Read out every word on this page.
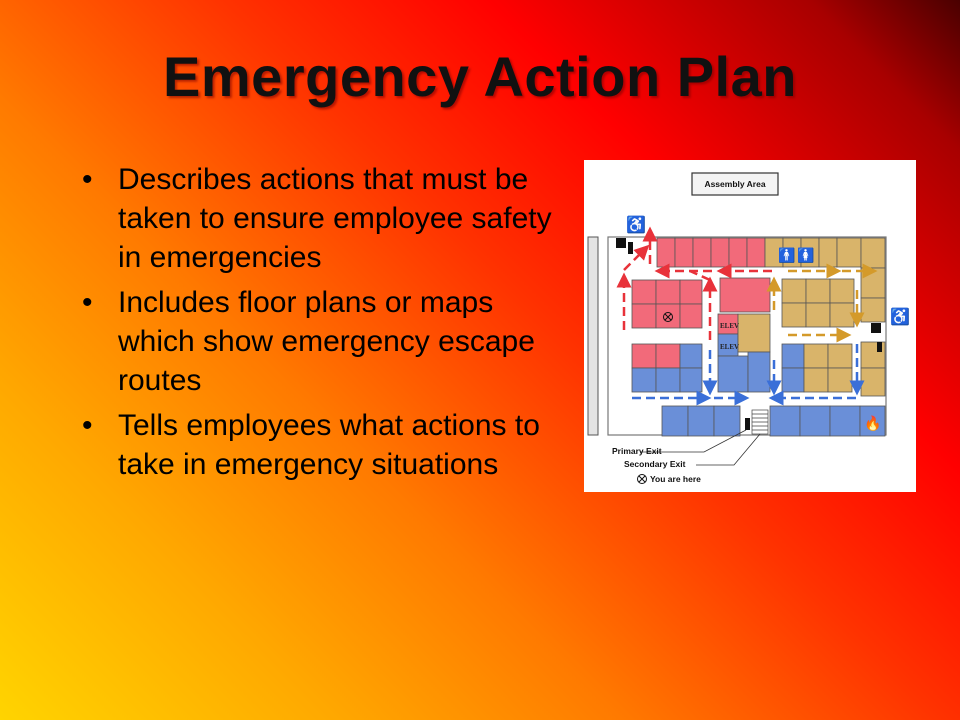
Emergency Action Plan
• Describes actions that must be taken to ensure employee safety in emergencies
• Includes floor plans or maps which show emergency escape routes
• Tells employees what actions to take in emergency situations
Assembly Area
♿
♿
🚹 🚺
ELEV
ELEV
🔥
Primary Exit
Secondary Exit
You are here
